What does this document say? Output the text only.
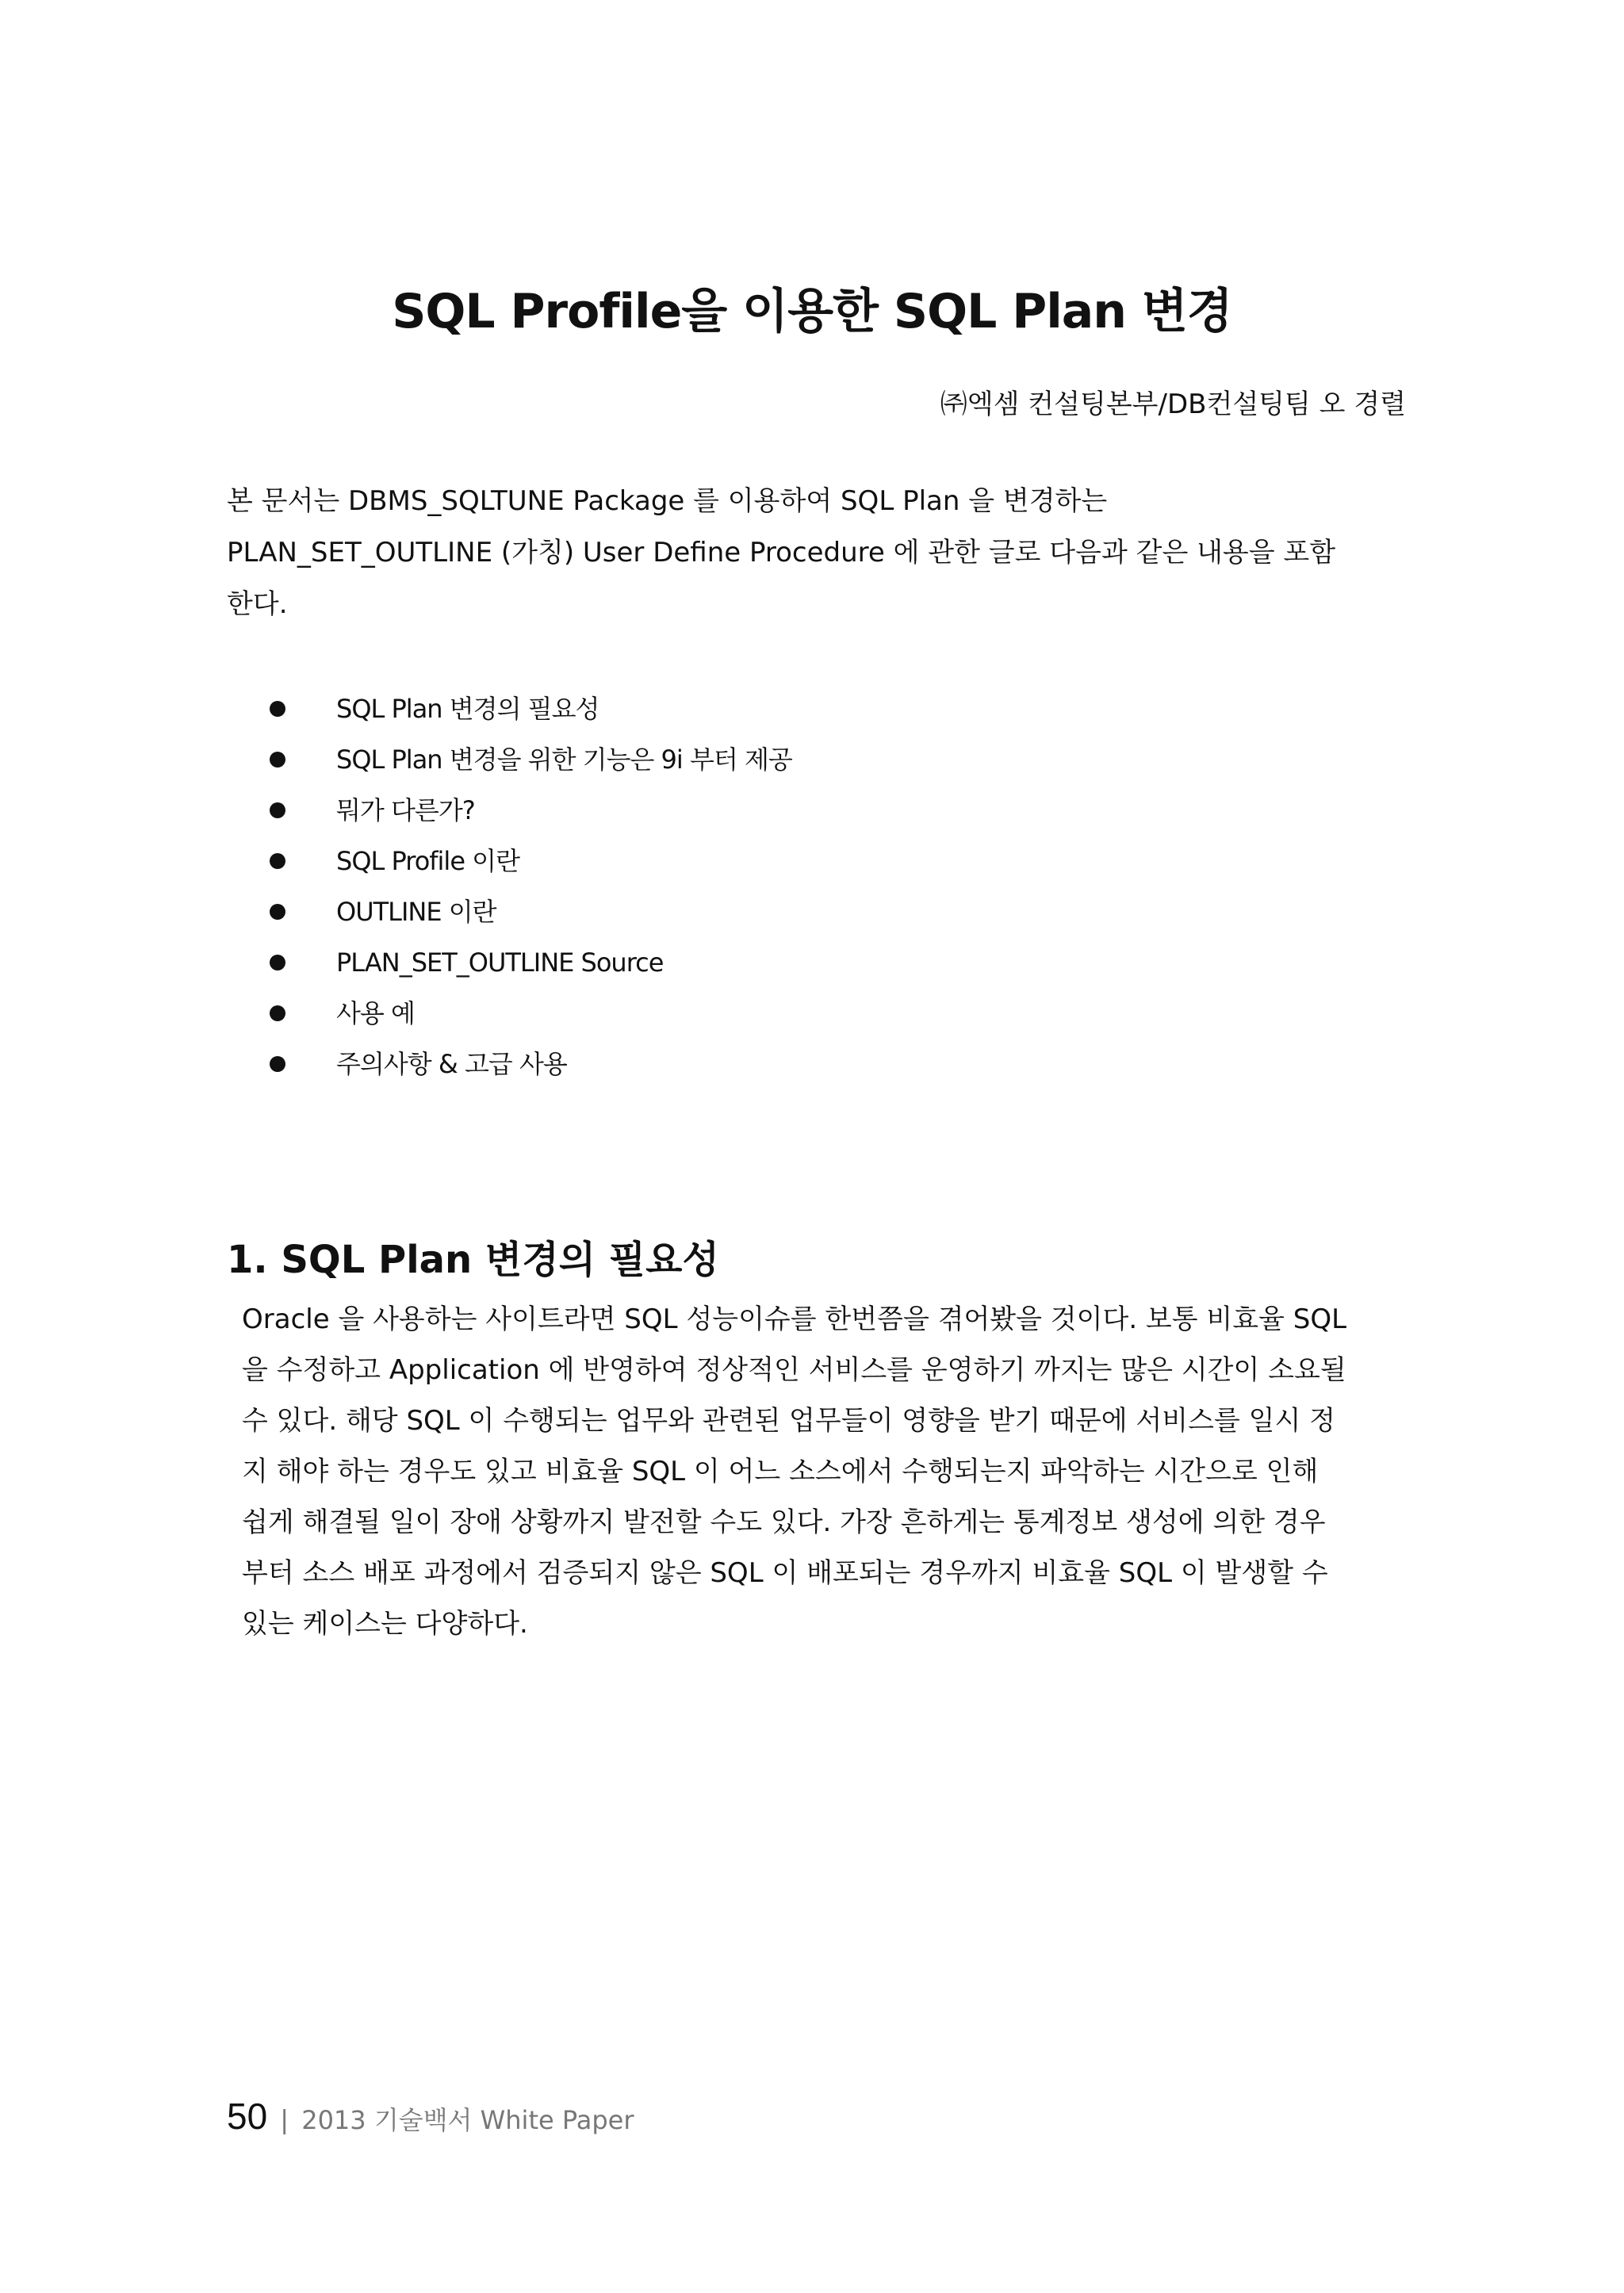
SQL Profile을 이용한 SQL Plan 변경
㈜엑셈 컨설팅본부/DB컨설팅팀 오 경렬

본 문서는 DBMS_SQLTUNE Package 를 이용하여 SQL Plan 을 변경하는
PLAN_SET_OUTLINE (가칭) User Define Procedure 에 관한 글로 다음과 같은 내용을 포함
한다.

SQL Plan 변경의 필요성
SQL Plan 변경을 위한 기능은 9i 부터 제공
뭐가 다른가?
SQL Profile 이란
OUTLINE 이란
PLAN_SET_OUTLINE Source
사용 예
주의사항 & 고급 사용
1. SQL Plan 변경의 필요성

Oracle 을 사용하는 사이트라면 SQL 성능이슈를 한번쯤을 겪어봤을 것이다. 보통 비효율 SQL
을 수정하고 Application 에 반영하여 정상적인 서비스를 운영하기 까지는 많은 시간이 소요될
수 있다. 해당 SQL 이 수행되는 업무와 관련된 업무들이 영향을 받기 때문에 서비스를 일시 정
지 해야 하는 경우도 있고 비효율 SQL 이 어느 소스에서 수행되는지 파악하는 시간으로 인해
쉽게 해결될 일이 장애 상황까지 발전할 수도 있다. 가장 흔하게는 통계정보 생성에 의한 경우
부터 소스 배포 과정에서 검증되지 않은 SQL 이 배포되는 경우까지 비효율 SQL 이 발생할 수
있는 케이스는 다양하다.

50 | 2013 기술백서 White Paper
